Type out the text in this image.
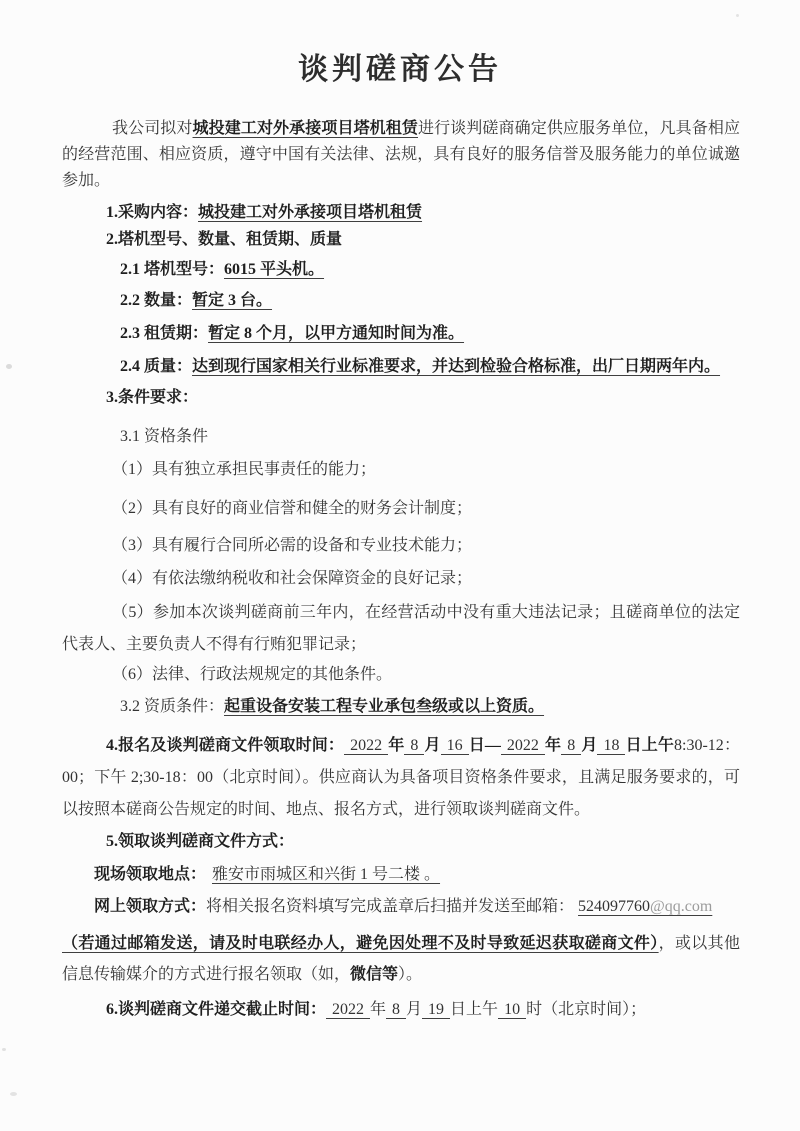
谈判磋商公告

我公司拟对城投建工对外承接项目塔机租赁进行谈判磋商确定供应服务单位，凡具备相应的经营范围、相应资质，遵守中国有关法律、法规，具有良好的服务信誉及服务能力的单位诚邀参加。

1.采购内容：城投建工对外承接项目塔机租赁

2.塔机型号、数量、租赁期、质量

2.1 塔机型号：6015 平头机。

2.2 数量：暂定 3 台。

2.3 租赁期：暂定 8 个月，以甲方通知时间为准。

2.4 质量：达到现行国家相关行业标准要求，并达到检验合格标准，出厂日期两年内。

3.条件要求：

3.1 资格条件

（1）具有独立承担民事责任的能力；

（2）具有良好的商业信誉和健全的财务会计制度；

（3）具有履行合同所必需的设备和专业技术能力；

（4）有依法缴纳税收和社会保障资金的良好记录；

（5）参加本次谈判磋商前三年内，在经营活动中没有重大违法记录；且磋商单位的法定代表人、主要负责人不得有行贿犯罪记录；

（6）法律、行政法规规定的其他条件。

3.2 资质条件：起重设备安装工程专业承包叁级或以上资质。

4.报名及谈判磋商文件领取时间： 2022 年 8 月 16 日— 2022 年 8 月 18 日上午8:30-12：00；下午 2;30-18：00（北京时间）。供应商认为具备项目资格条件要求，且满足服务要求的，可以按照本磋商公告规定的时间、地点、报名方式，进行领取谈判磋商文件。

5.领取谈判磋商文件方式：

现场领取地点： 雅安市雨城区和兴街 1 号二楼 。

网上领取方式：将相关报名资料填写完成盖章后扫描并发送至邮箱： 524097760@qq.com

（若通过邮箱发送，请及时电联经办人，避免因处理不及时导致延迟获取磋商文件），或以其他信息传输媒介的方式进行报名领取（如，微信等）。

6.谈判磋商文件递交截止时间： 2022 年 8 月 19 日上午 10 时（北京时间）；
